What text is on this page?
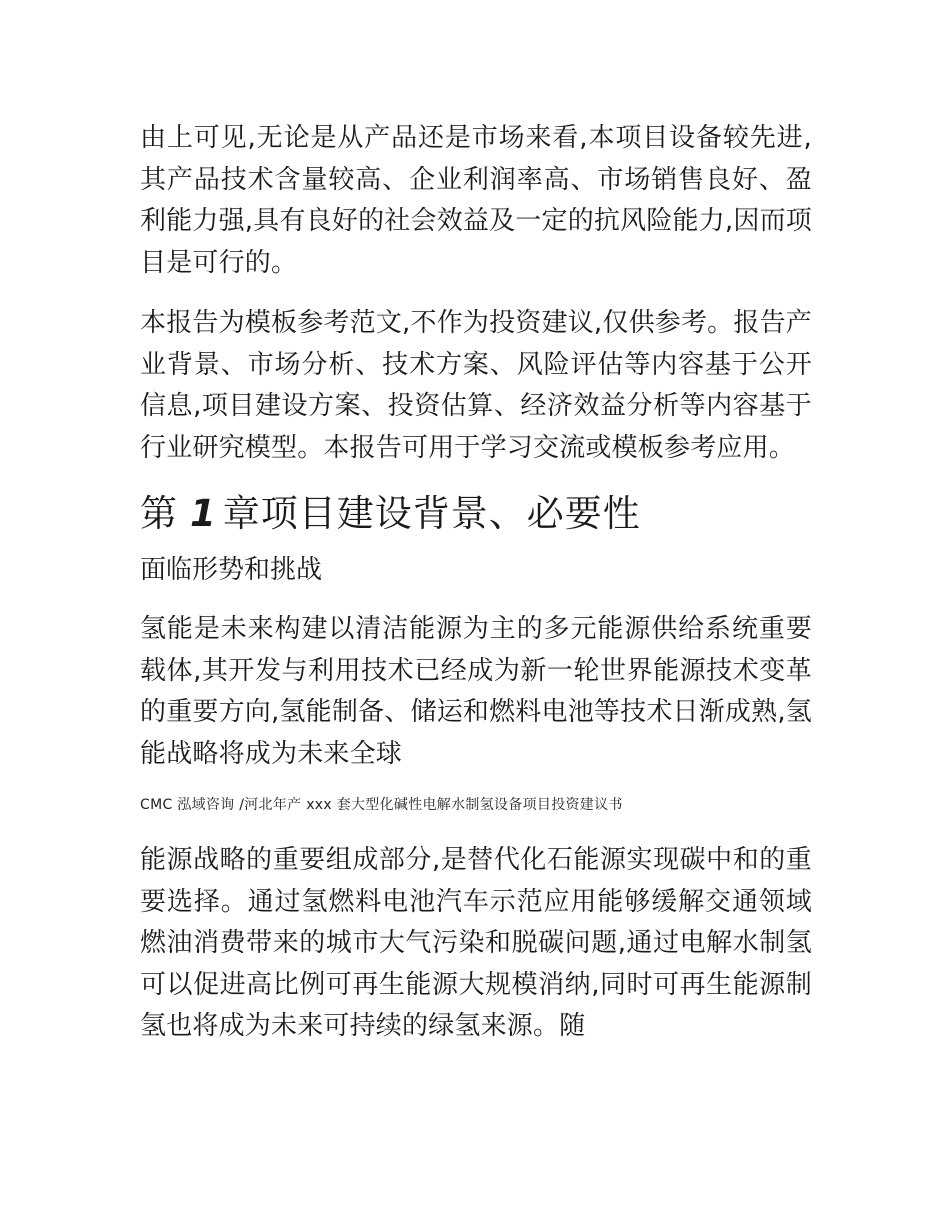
由上可见,无论是从产品还是市场来看,本项目设备较先进,其产品技术含量较高、企业利润率高、市场销售良好、盈利能力强,具有良好的社会效益及一定的抗风险能力,因而项目是可行的。

本报告为模板参考范文,不作为投资建议,仅供参考。报告产业背景、市场分析、技术方案、风险评估等内容基于公开信息,项目建设方案、投资估算、经济效益分析等内容基于行业研究模型。本报告可用于学习交流或模板参考应用。

第 1 章项目建设背景、必要性
面临形势和挑战

氢能是未来构建以清洁能源为主的多元能源供给系统重要载体,其开发与利用技术已经成为新一轮世界能源技术变革的重要方向,氢能制备、储运和燃料电池等技术日渐成熟,氢能战略将成为未来全球

CMC 泓域咨询 /河北年产 xxx 套大型化碱性电解水制氢设备项目投资建议书

能源战略的重要组成部分,是替代化石能源实现碳中和的重要选择。通过氢燃料电池汽车示范应用能够缓解交通领域燃油消费带来的城市大气污染和脱碳问题,通过电解水制氢可以促进高比例可再生能源大规模消纳,同时可再生能源制氢也将成为未来可持续的绿氢来源。随
